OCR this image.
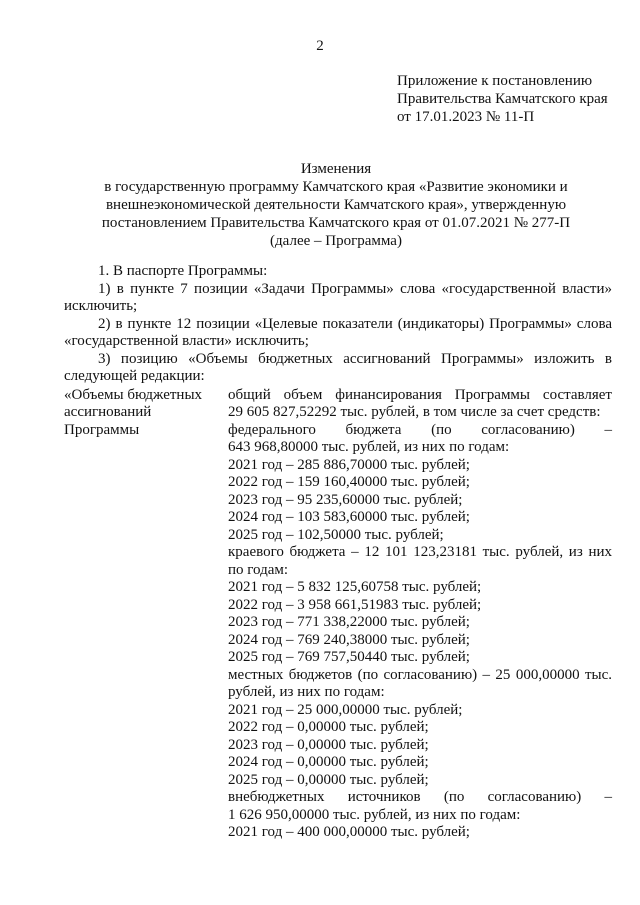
2
Приложение к постановлению
Правительства Камчатского края
от 17.01.2023 № 11-П
Изменения
в государственную программу Камчатского края «Развитие экономики и
внешнеэкономической деятельности Камчатского края», утвержденную
постановлением Правительства Камчатского края от 01.07.2021 № 277-П
(далее – Программа)

1. В паспорте Программы:

1) в пункте 7 позиции «Задачи Программы» слова «государственной власти» исключить;

2) в пункте 12 позиции «Целевые показатели (индикаторы) Программы» слова «государственной власти» исключить;

3) позицию «Объемы бюджетных ассигнований Программы» изложить в следующей редакции:

«Объемы бюджетных ассигнований Программы

общий объем финансирования Программы составляет

29 605 827,52292 тыс. рублей, в том числе за счет средств:

федерального бюджета (по согласованию) –

643 968,80000 тыс. рублей, из них по годам:

2021 год – 285 886,70000 тыс. рублей;

2022 год – 159 160,40000 тыс. рублей;

2023 год – 95 235,60000 тыс. рублей;

2024 год – 103 583,60000 тыс. рублей;

2025 год – 102,50000 тыс. рублей;

краевого бюджета – 12 101 123,23181 тыс. рублей, из них

по годам:

2021 год – 5 832 125,60758 тыс. рублей;

2022 год – 3 958 661,51983 тыс. рублей;

2023 год – 771 338,22000 тыс. рублей;

2024 год – 769 240,38000 тыс. рублей;

2025 год – 769 757,50440 тыс. рублей;

местных бюджетов (по согласованию) – 25 000,00000 тыс.

рублей, из них по годам:

2021 год – 25 000,00000 тыс. рублей;

2022 год – 0,00000 тыс. рублей;

2023 год – 0,00000 тыс. рублей;

2024 год – 0,00000 тыс. рублей;

2025 год – 0,00000 тыс. рублей;

внебюджетных источников (по согласованию) –

1 626 950,00000 тыс. рублей, из них по годам:

2021 год – 400 000,00000 тыс. рублей;
